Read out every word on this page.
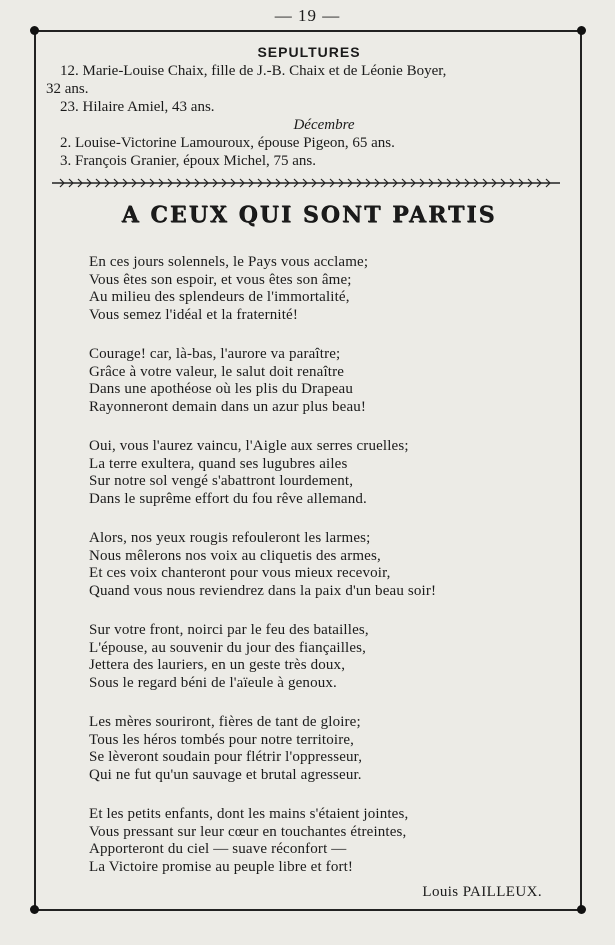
— 19 —
SEPULTURES
12. Marie-Louise Chaix, fille de J.-B. Chaix et de Léonie Boyer,
32 ans.
23. Hilaire Amiel, 43 ans.
Décembre
2. Louise-Victorine Lamouroux, épouse Pigeon, 65 ans.
3. François Granier, époux Michel, 75 ans.
A CEUX QUI SONT PARTIS
En ces jours solennels, le Pays vous acclame;
Vous êtes son espoir, et vous êtes son âme;
Au milieu des splendeurs de l'immortalité,
Vous semez l'idéal et la fraternité!
Courage! car, là-bas, l'aurore va paraître;
Grâce à votre valeur, le salut doit renaître
Dans une apothéose où les plis du Drapeau
Rayonneront demain dans un azur plus beau!
Oui, vous l'aurez vaincu, l'Aigle aux serres cruelles;
La terre exultera, quand ses lugubres ailes
Sur notre sol vengé s'abattront lourdement,
Dans le suprême effort du fou rêve allemand.
Alors, nos yeux rougis refouleront les larmes;
Nous mêlerons nos voix au cliquetis des armes,
Et ces voix chanteront pour vous mieux recevoir,
Quand vous nous reviendrez dans la paix d'un beau soir!
Sur votre front, noirci par le feu des batailles,
L'épouse, au souvenir du jour des fiançailles,
Jettera des lauriers, en un geste très doux,
Sous le regard béni de l'aïeule à genoux.
Les mères souriront, fières de tant de gloire;
Tous les héros tombés pour notre territoire,
Se lèveront soudain pour flétrir l'oppresseur,
Qui ne fut qu'un sauvage et brutal agresseur.
Et les petits enfants, dont les mains s'étaient jointes,
Vous pressant sur leur cœur en touchantes étreintes,
Apporteront du ciel — suave réconfort —
La Victoire promise au peuple libre et fort!
Louis PAILLEUX.
